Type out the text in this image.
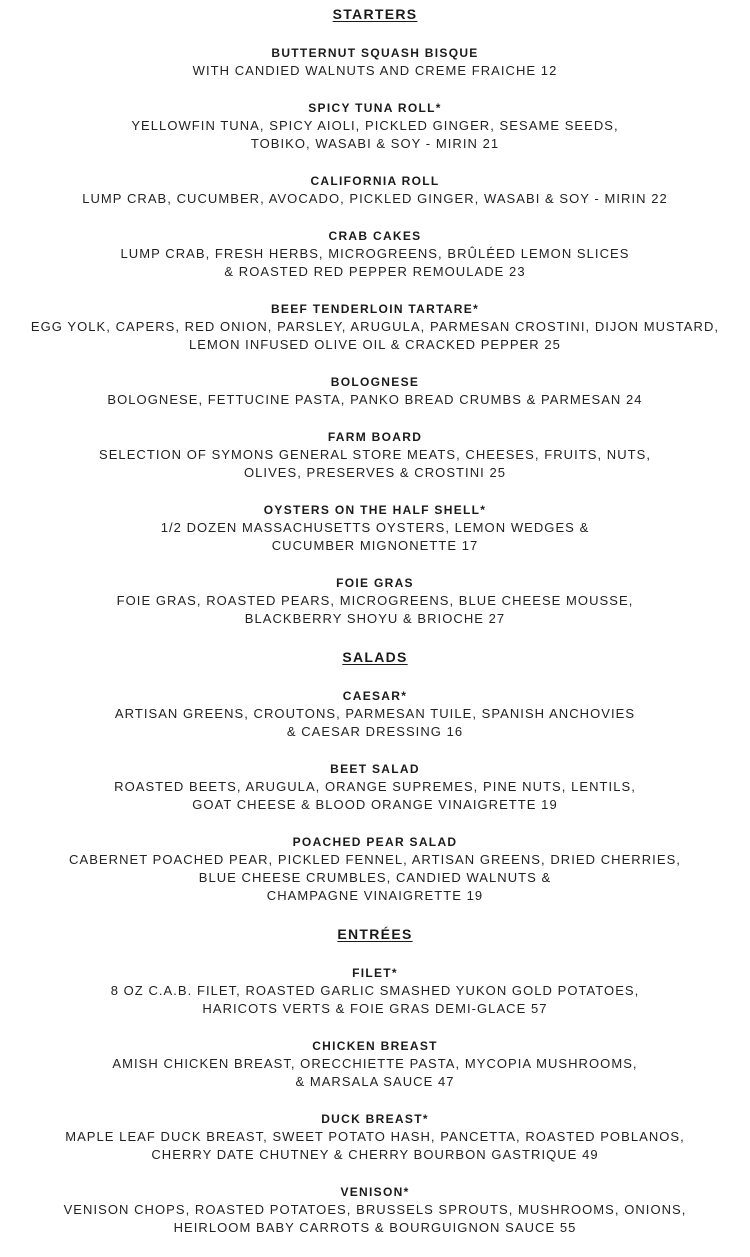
STARTERS
BUTTERNUT SQUASH BISQUE
WITH CANDIED WALNUTS AND CREME FRAICHE 12
SPICY TUNA ROLL*
YELLOWFIN TUNA, SPICY AIOLI, PICKLED GINGER, SESAME SEEDS,
TOBIKO, WASABI & SOY - MIRIN 21
CALIFORNIA ROLL
LUMP CRAB, CUCUMBER, AVOCADO, PICKLED GINGER, WASABI & SOY - MIRIN 22
CRAB CAKES
LUMP CRAB, FRESH HERBS, MICROGREENS, BRÛLÉED LEMON SLICES
& ROASTED RED PEPPER REMOULADE 23
BEEF TENDERLOIN TARTARE*
EGG YOLK, CAPERS, RED ONION, PARSLEY, ARUGULA, PARMESAN CROSTINI, DIJON MUSTARD,
LEMON INFUSED OLIVE OIL & CRACKED PEPPER 25
BOLOGNESE
BOLOGNESE, FETTUCINE PASTA, PANKO BREAD CRUMBS & PARMESAN 24
FARM BOARD
SELECTION OF SYMONS GENERAL STORE MEATS, CHEESES, FRUITS, NUTS,
OLIVES, PRESERVES & CROSTINI 25
OYSTERS ON THE HALF SHELL*
1/2 DOZEN MASSACHUSETTS OYSTERS, LEMON WEDGES &
CUCUMBER MIGNONETTE 17
FOIE GRAS
FOIE GRAS, ROASTED PEARS, MICROGREENS, BLUE CHEESE MOUSSE,
BLACKBERRY SHOYU & BRIOCHE 27
SALADS
CAESAR*
ARTISAN GREENS, CROUTONS, PARMESAN TUILE, SPANISH ANCHOVIES
& CAESAR DRESSING 16
BEET SALAD
ROASTED BEETS, ARUGULA, ORANGE SUPREMES, PINE NUTS, LENTILS,
GOAT CHEESE & BLOOD ORANGE VINAIGRETTE 19
POACHED PEAR SALAD
CABERNET POACHED PEAR, PICKLED FENNEL, ARTISAN GREENS, DRIED CHERRIES,
BLUE CHEESE CRUMBLES, CANDIED WALNUTS &
CHAMPAGNE VINAIGRETTE 19
ENTRÉES
FILET*
8 OZ C.A.B. FILET, ROASTED GARLIC SMASHED YUKON GOLD POTATOES,
HARICOTS VERTS & FOIE GRAS DEMI-GLACE 57
CHICKEN BREAST
AMISH CHICKEN BREAST, ORECCHIETTE PASTA, MYCOPIA MUSHROOMS,
& MARSALA SAUCE 47
DUCK BREAST*
MAPLE LEAF DUCK BREAST, SWEET POTATO HASH, PANCETTA, ROASTED POBLANOS,
CHERRY DATE CHUTNEY & CHERRY BOURBON GASTRIQUE 49
VENISON*
VENISON CHOPS, ROASTED POTATOES, BRUSSELS SPROUTS, MUSHROOMS, ONIONS,
HEIRLOOM BABY CARROTS & BOURGUIGNON SAUCE 55
